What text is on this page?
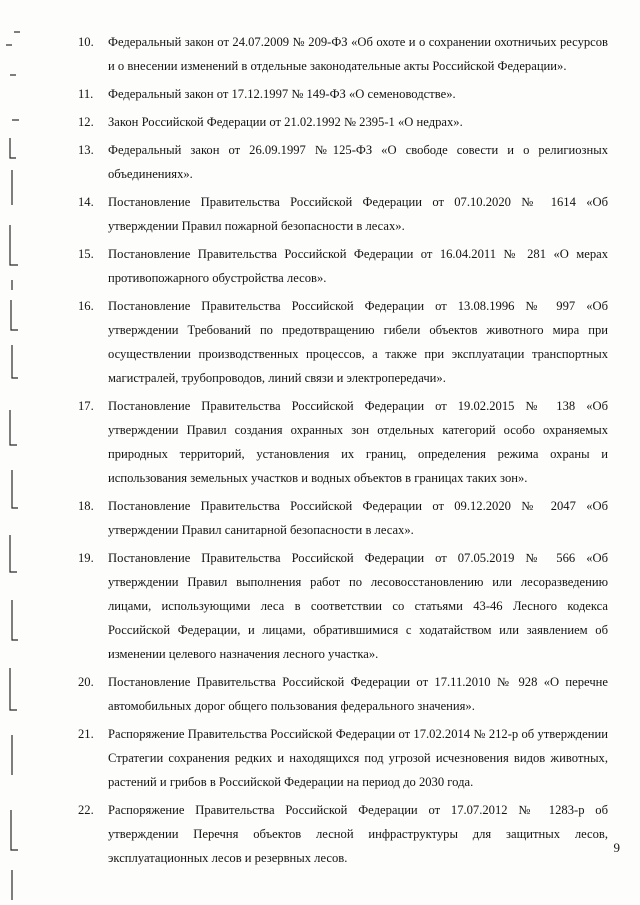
10.	Федеральный закон от 24.07.2009 № 209-ФЗ «Об охоте и о сохранении охотничьих ресурсов и о внесении изменений в отдельные законодательные акты Российской Федерации».
11.	Федеральный закон от 17.12.1997 № 149-ФЗ «О семеноводстве».
12.	Закон Российской Федерации от 21.02.1992 № 2395-1 «О недрах».
13.	Федеральный закон от 26.09.1997 №125-ФЗ «О свободе совести и о религиозных объединениях».
14.	Постановление Правительства Российской Федерации от 07.10.2020 № 1614 «Об утверждении Правил пожарной безопасности в лесах».
15.	Постановление Правительства Российской Федерации от 16.04.2011 № 281 «О мерах противопожарного обустройства лесов».
16.	Постановление Правительства Российской Федерации от 13.08.1996 № 997 «Об утверждении Требований по предотвращению гибели объектов животного мира при осуществлении производственных процессов, а также при эксплуатации транспортных магистралей, трубопроводов, линий связи и электропередачи».
17.	Постановление Правительства Российской Федерации от 19.02.2015 № 138 «Об утверждении Правил создания охранных зон отдельных категорий особо охраняемых природных территорий, установления их границ, определения режима охраны и использования земельных участков и водных объектов в границах таких зон».
18.	Постановление Правительства Российской Федерации от 09.12.2020 № 2047 «Об утверждении Правил санитарной безопасности в лесах».
19.	Постановление Правительства Российской Федерации от 07.05.2019 № 566 «Об утверждении Правил выполнения работ по лесовосстановлению или лесоразведению лицами, использующими леса в соответствии со статьями 43-46 Лесного кодекса Российской Федерации, и лицами, обратившимися с ходатайством или заявлением об изменении целевого назначения лесного участка».
20.	Постановление Правительства Российской Федерации от 17.11.2010 № 928 «О перечне автомобильных дорог общего пользования федерального значения».
21.	Распоряжение Правительства Российской Федерации от 17.02.2014 № 212-р об утверждении Стратегии сохранения редких и находящихся под угрозой исчезновения видов животных, растений и грибов в Российской Федерации на период до 2030 года.
22.	Распоряжение Правительства Российской Федерации от 17.07.2012 № 1283-р об утверждении Перечня объектов лесной инфраструктуры для защитных лесов, эксплуатационных лесов и резервных лесов.
9
